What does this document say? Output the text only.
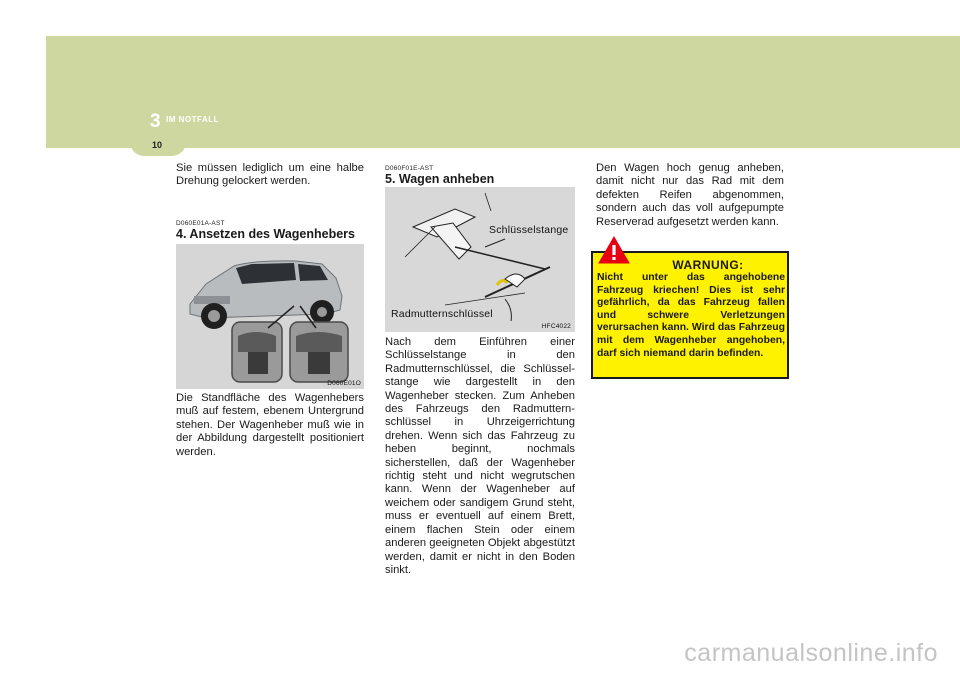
3 IM NOTFALL
10

Sie müssen lediglich um eine halbe Drehung gelockert werden.

D060E01A-AST
4. Ansetzen des Wagenhebers
D060E01O

Die Standfläche des Wagenhebers muß auf festem, ebenem Untergrund stehen. Der Wagenheber muß wie in der Abbildung dargestellt positioniert werden.

D060F01E-AST
5. Wagen anheben
Schlüsselstange
Radmutternschlüssel
HFC4022

Nach dem Einführen einer Schlüsselstange in den Radmutternschlüssel, die Schlüssel-stange wie dargestellt in den Wagenheber stecken. Zum Anheben des Fahrzeugs den Radmuttern-schlüssel in Uhrzeigerrichtung drehen. Wenn sich das Fahrzeug zu heben beginnt, nochmals sicherstellen, daß der Wagenheber richtig steht und nicht wegrutschen kann. Wenn der Wagenheber auf weichem oder sandigem Grund steht, muss er eventuell auf einem Brett, einem flachen Stein oder einem anderen geeigneten Objekt abgestützt werden, damit er nicht in den Boden sinkt.

Den Wagen hoch genug anheben, damit nicht nur das Rad mit dem defekten Reifen abgenommen, sondern auch das voll aufgepumpte Reserverad aufgesetzt werden kann.

WARNUNG:

Nicht unter das angehobene Fahrzeug kriechen! Dies ist sehr gefährlich, da das Fahrzeug fallen und schwere Verletzungen verursachen kann. Wird das Fahrzeug mit dem Wagenheber angehoben, darf sich niemand darin befinden.

carmanualsonline.info
